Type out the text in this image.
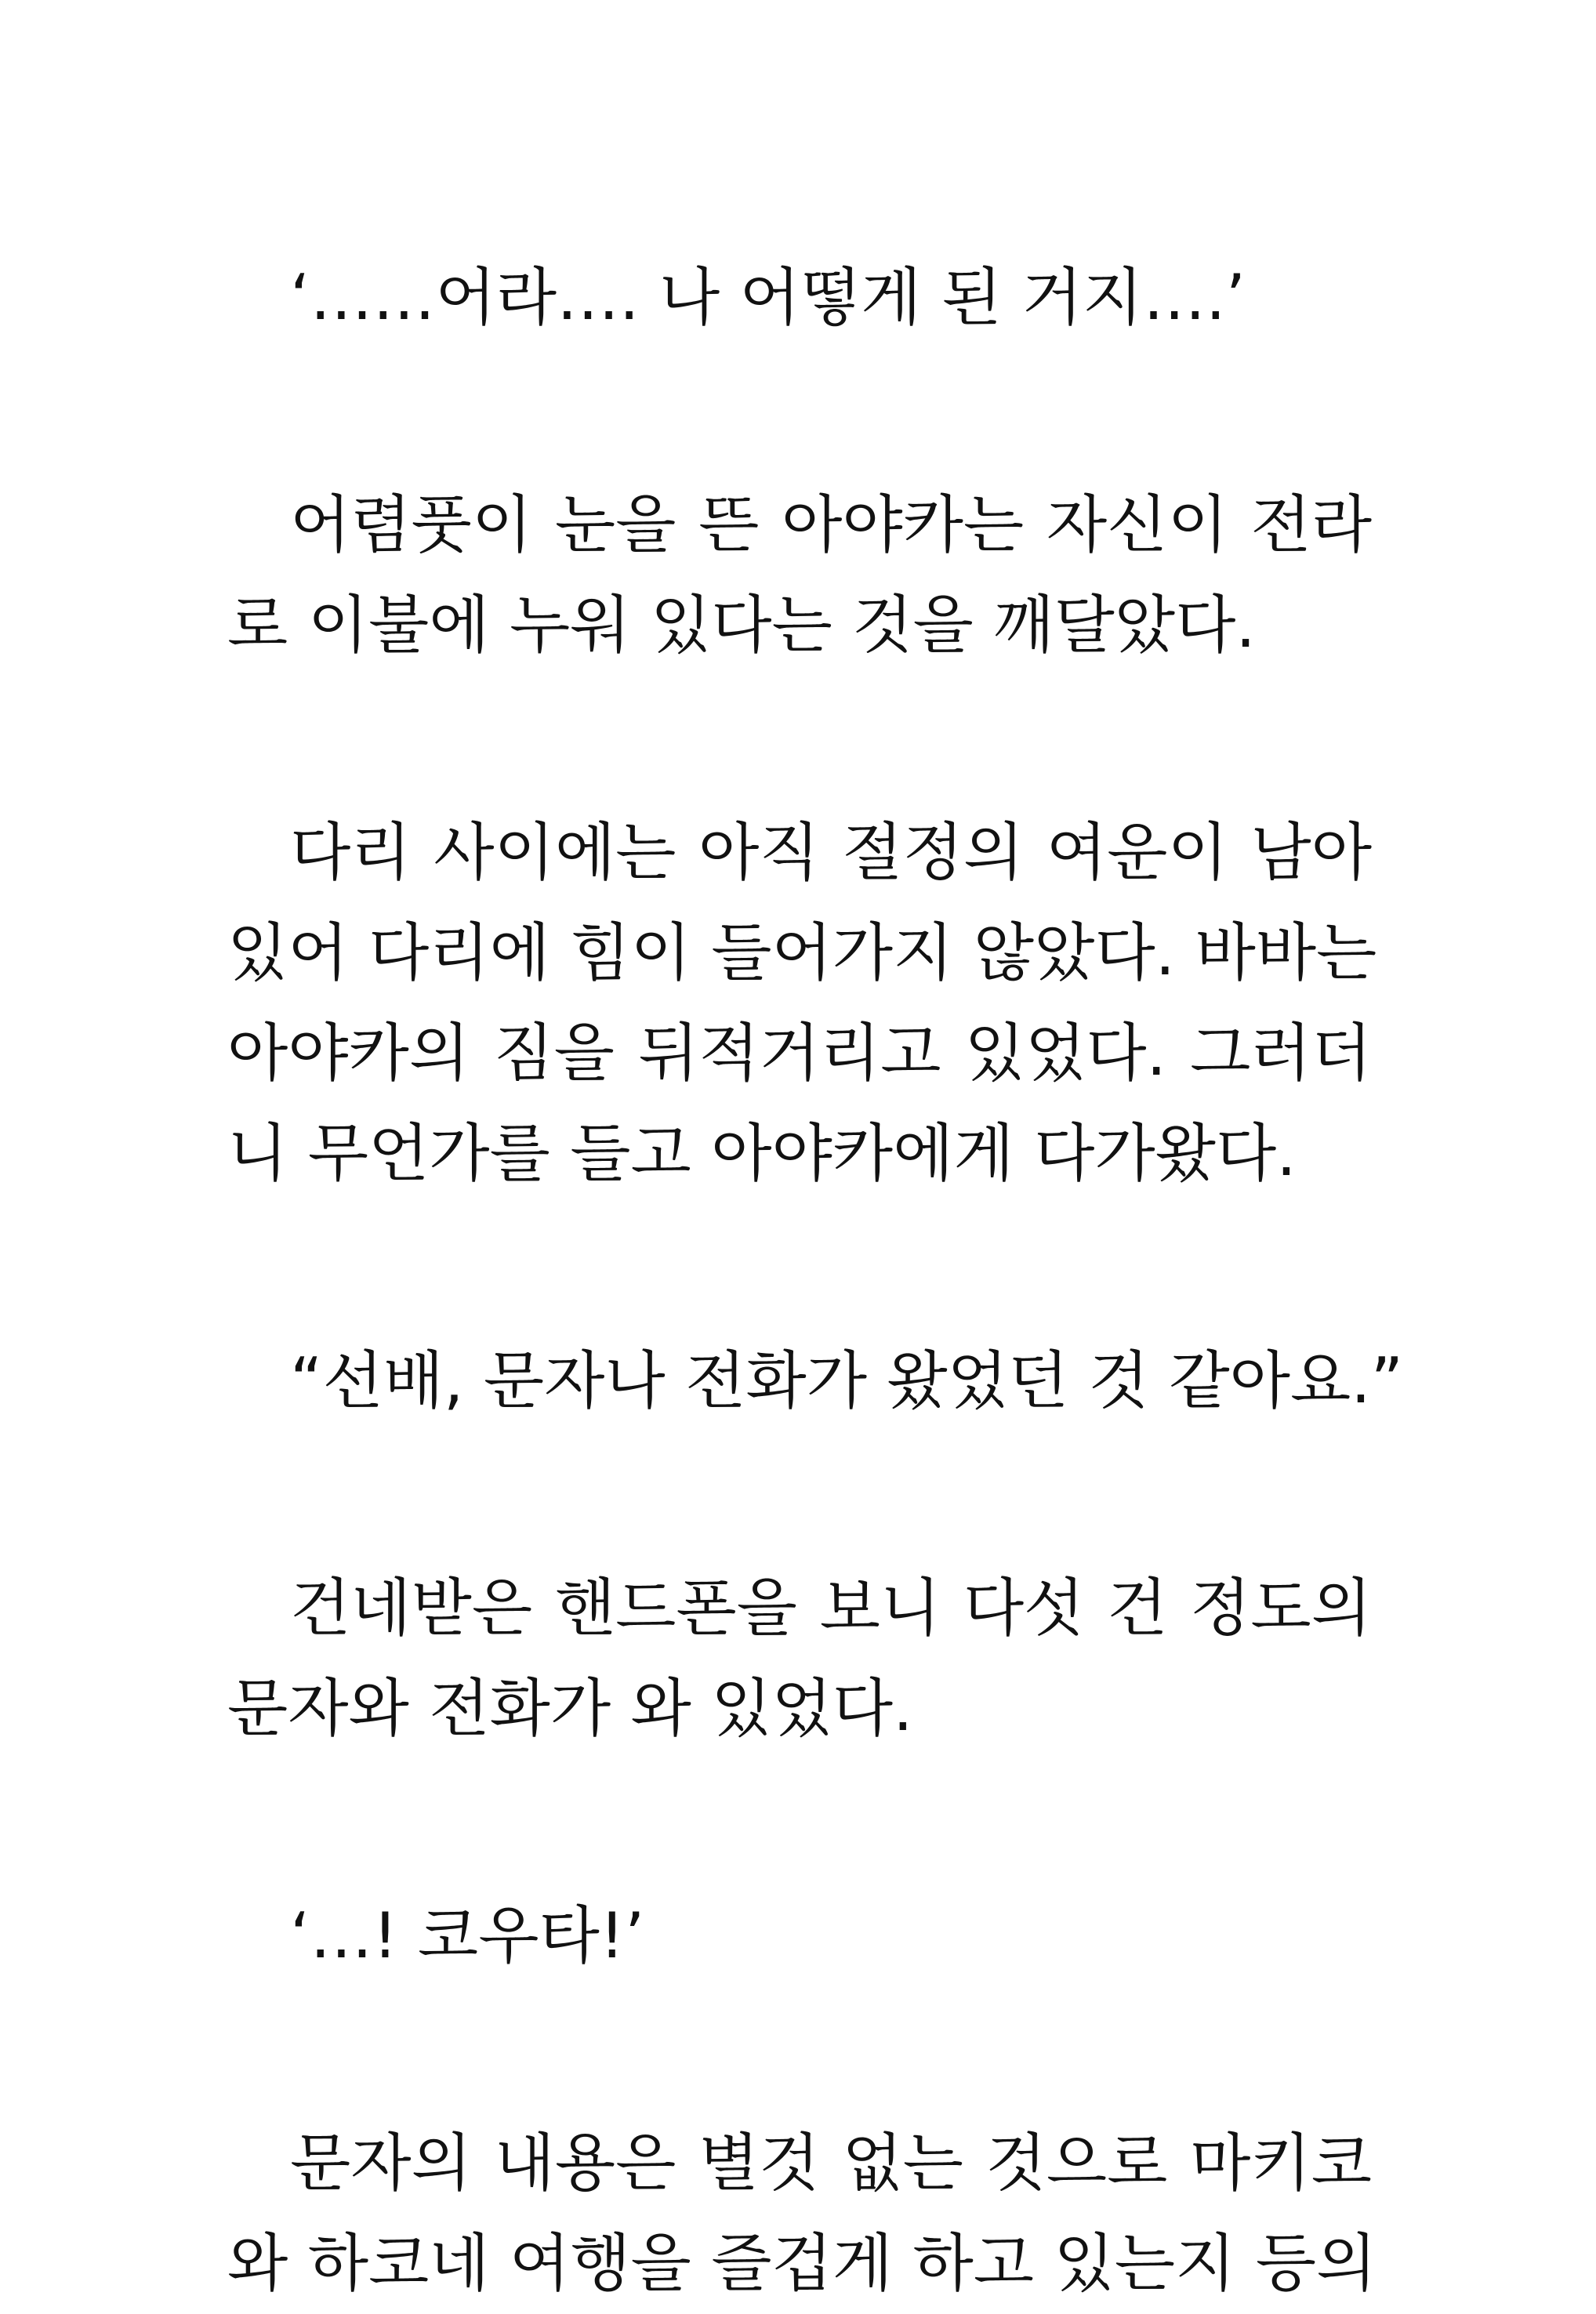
‘……어라…. 나 어떻게 된 거지….’
어렴풋이 눈을 뜬 아야카는 자신이 전라
로 이불에 누워 있다는 것을 깨달았다.
다리 사이에는 아직 절정의 여운이 남아
있어 다리에 힘이 들어가지 않았다. 바바는
아야카의 짐을 뒤적거리고 있었다. 그러더
니 무언가를 들고 아야카에게 다가왔다.
“선배, 문자나 전화가 왔었던 것 같아요.”
건네받은 핸드폰을 보니 다섯 건 정도의
문자와 전화가 와 있었다.
‘…! 코우타!’
문자의 내용은 별것 없는 것으로 마키코
와 하코네 여행을 즐겁게 하고 있는지 등의
